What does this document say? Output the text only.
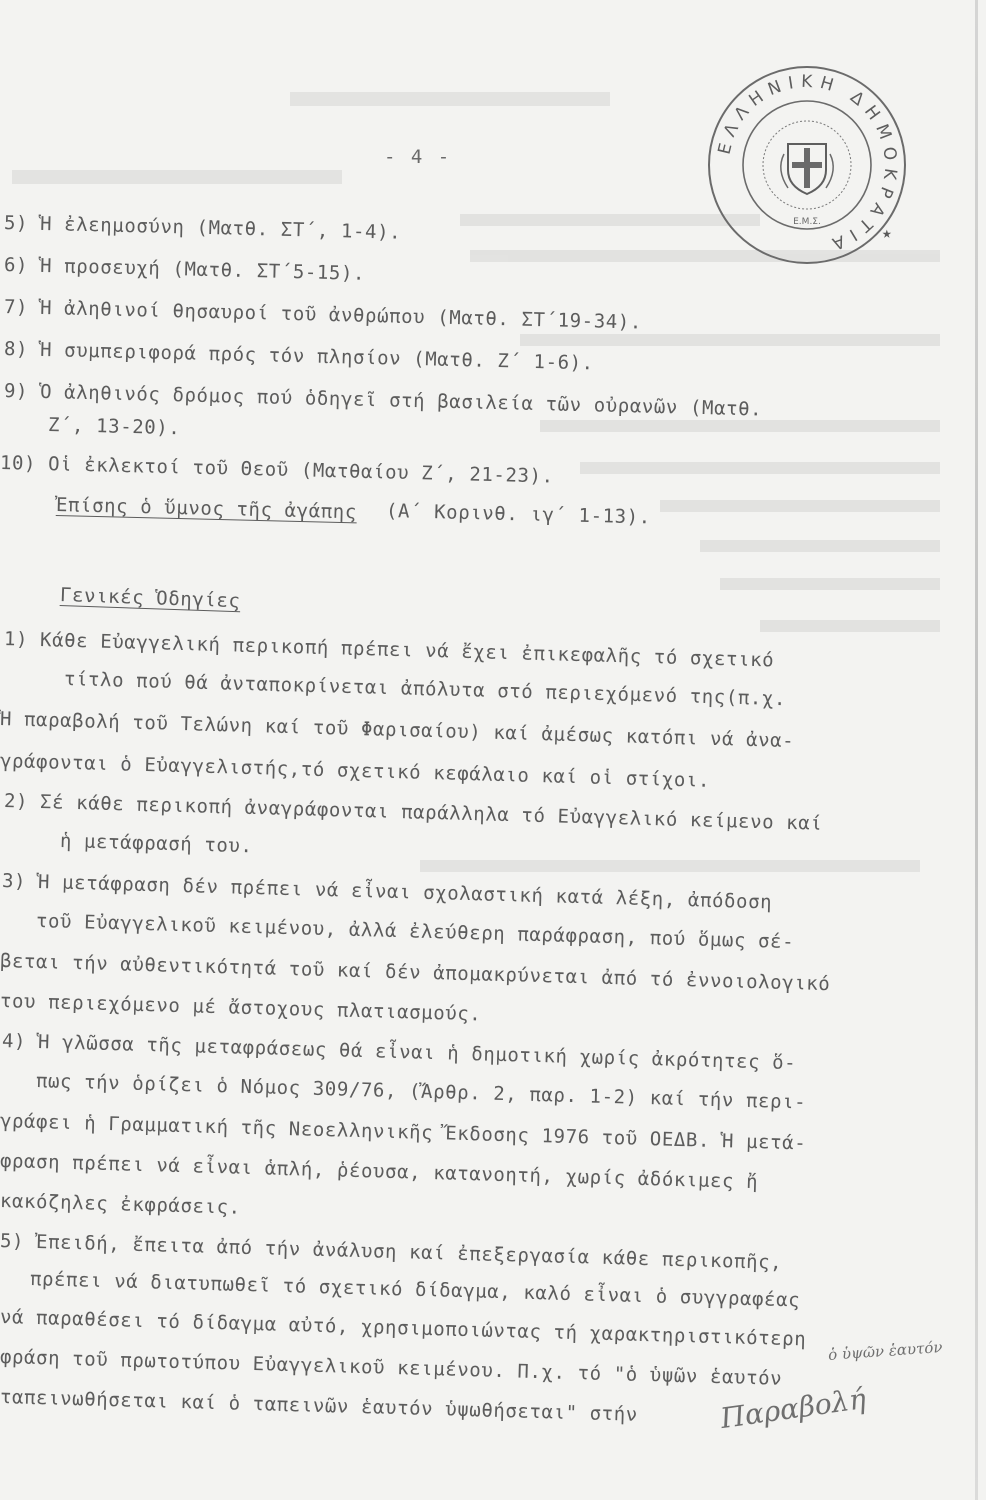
- 4 -
ΕΛΛΗΝΙΚΗ ΔΗΜΟΚΡΑΤΙΑ
Ε.Μ.Σ.
★
5) Ἡ ἐλεημοσύνη (Ματθ. ΣΤ΄, 1-4).
6) Ἡ προσευχή (Ματθ. ΣΤ΄5-15).
7) Ἡ ἀληθινοί θησαυροί τοῦ ἀνθρώπου (Ματθ. ΣΤ΄19-34).
8) Ἡ συμπεριφορά πρός τόν πλησίον (Ματθ. Ζ΄ 1-6).
9) Ὁ ἀληθινός δρόμος πού ὁδηγεῖ στή βασιλεία τῶν οὐρανῶν (Ματθ.
Ζ΄, 13-20).
10) Οἱ ἐκλεκτοί τοῦ Θεοῦ (Ματθαίου Ζ΄, 21-23).
Ἐπίσης ὁ ὕμνος τῆς ἀγάπης (Α΄ Κορινθ. ιγ΄ 1-13).
Γενικές Ὁδηγίες
1) Κάθε Εὐαγγελική περικοπή πρέπει νά ἔχει ἐπικεφαλῆς τό σχετικό
τίτλο πού θά ἀνταποκρίνεται ἀπόλυτα στό περιεχόμενό της(π.χ.
Ἡ παραβολή τοῦ Τελώνη καί τοῦ Φαρισαίου) καί ἀμέσως κατόπι νά ἀνα-
γράφονται ὁ Εὐαγγελιστής,τό σχετικό κεφάλαιο καί οἱ στίχοι.
2) Σέ κάθε περικοπή ἀναγράφονται παράλληλα τό Εὐαγγελικό κείμενο καί
ἡ μετάφρασή του.
3) Ἡ μετάφραση δέν πρέπει νά εἶναι σχολαστική κατά λέξη, ἀπόδοση
τοῦ Εὐαγγελικοῦ κειμένου, ἀλλά ἐλεύθερη παράφραση, πού ὅμως σέ-
βεται τήν αὐθεντικότητά τοῦ καί δέν ἀπομακρύνεται ἀπό τό ἐννοιολογικό
του περιεχόμενο μέ ἄστοχους πλατιασμούς.
4) Ἡ γλῶσσα τῆς μεταφράσεως θά εἶναι ἡ δημοτική χωρίς ἀκρότητες ὅ-
πως τήν ὁρίζει ὁ Νόμος 309/76, (Ἄρθρ. 2, παρ. 1-2) καί τήν περι-
γράφει ἡ Γραμματική τῆς Νεοελληνικῆς Ἔκδοσης 1976 τοῦ ΟΕΔΒ. Ἡ μετά-
φραση πρέπει νά εἶναι ἁπλή, ῥέουσα, κατανοητή, χωρίς ἀδόκιμες ἤ
κακόζηλες ἐκφράσεις.
5) Ἐπειδή, ἔπειτα ἀπό τήν ἀνάλυση καί ἐπεξεργασία κάθε περικοπῆς,
πρέπει νά διατυπωθεῖ τό σχετικό δίδαγμα, καλό εἶναι ὁ συγγραφέας
νά παραθέσει τό δίδαγμα αὐτό, χρησιμοποιώντας τή χαρακτηριστικότερη
φράση τοῦ πρωτοτύπου Εὐαγγελικοῦ κειμένου. Π.χ. τό "ὁ ὑψῶν ἑαυτόν
ταπεινωθήσεται καί ὁ ταπεινῶν ἑαυτόν ὑψωθήσεται" στήν
ὁ ὑψῶν ἑαυτόν
Παραβολή
